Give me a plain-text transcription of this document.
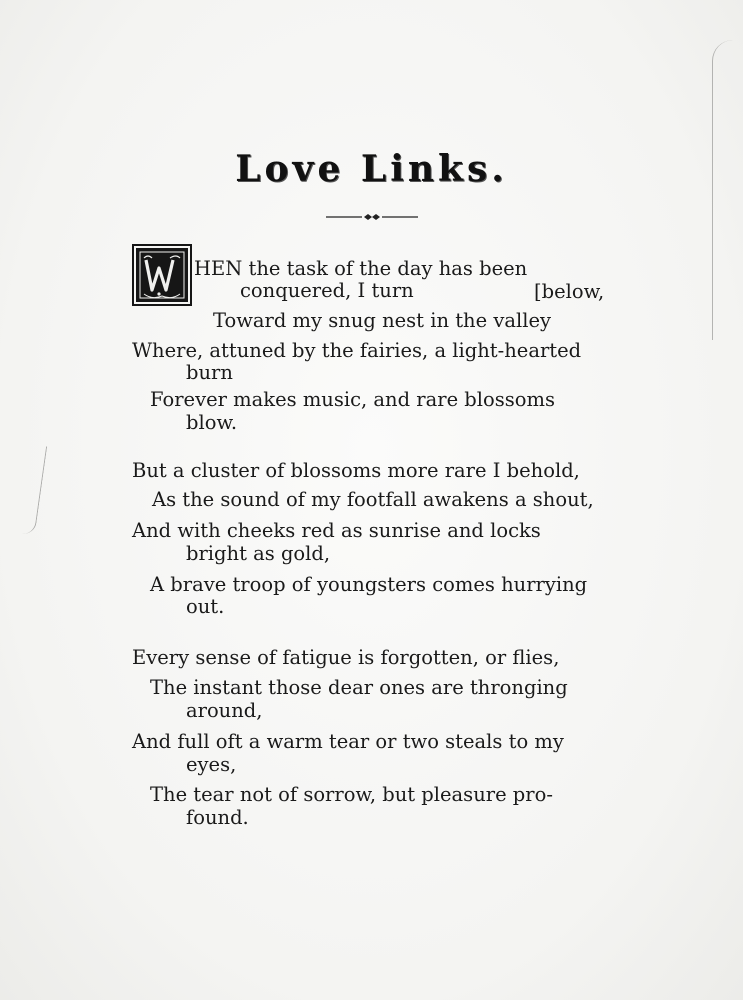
Love Links.
HEN the task of the day has been
conquered, I turn	[below,
Toward my snug nest in the valley
Where, attuned by the fairies, a light-hearted
burn
Forever makes music, and rare blossoms
blow.
But a cluster of blossoms more rare I behold,
As the sound of my footfall awakens a shout,
And with cheeks red as sunrise and locks
bright as gold,
A brave troop of youngsters comes hurrying
out.
Every sense of fatigue is forgotten, or flies,
The instant those dear ones are thronging
around,
And full oft a warm tear or two steals to my
eyes,
The tear not of sorrow, but pleasure pro-
found.
